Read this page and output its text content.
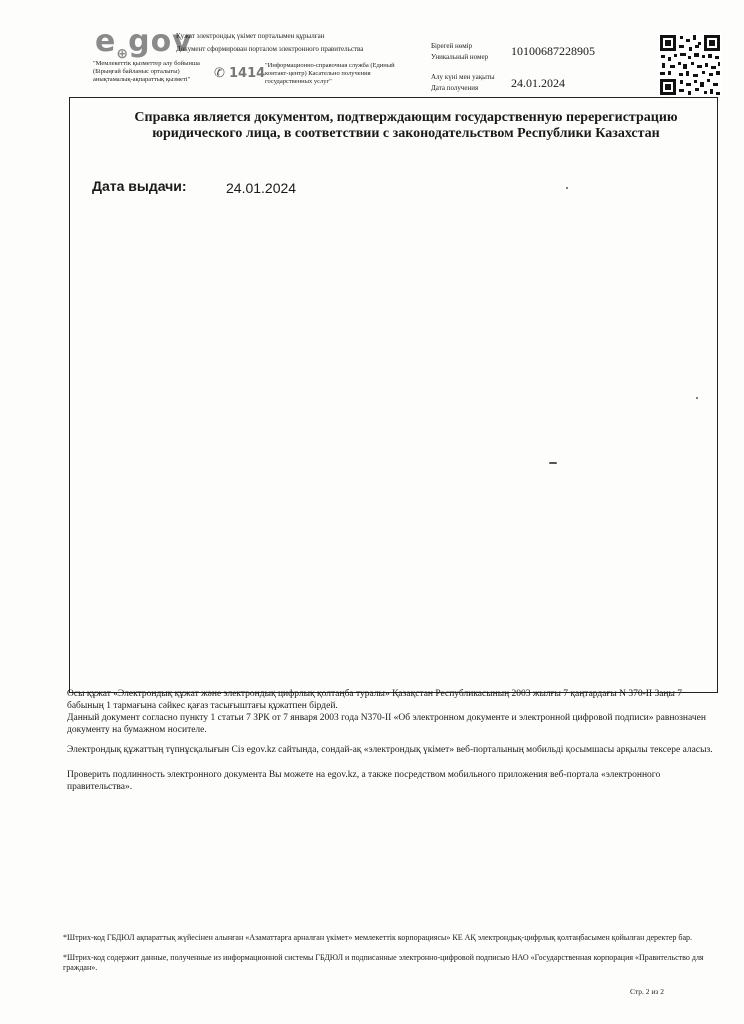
$e_\oplus gov$
Қужат электрондық үкімет порталымен құрылған
Документ сформирован порталом электронного правительства
"Мемлекеттік қызметтер алу бойынша (Бірыңғай байланыс орталығы) анықтамалық-ақпараттық қызметі"	✆ 1414
"Информационно-справочная служба (Единый контакт-центр) Касательно получения государственных услуг"
Бірегей нөмір
Уникальный номер 10100687228905
Алу күні мен уақыты
Дата получения	24.01.2024
Справка является документом, подтверждающим государственную перерегистрацию юридического лица, в соответствии с законодательством Республики Казахстан
Дата выдачи:	24.01.2024
Осы құжат «Электрондық құжат және электрондық цифрлық қолтаңба туралы» Қазақстан Республикасының 2003 жылғы 7 қаңтардағы N 370-II Заңы 7 бабының 1 тармағына сәйкес қағаз тасығыштағы құжатпен бірдей.
Данный документ согласно пункту 1 статьи 7 ЗРК от 7 января 2003 года N370-II «Об электронном документе и электронной цифровой подписи» равнозначен документу на бумажном носителе.
Электрондық құжаттың түпнұсқалығын Сіз egov.kz сайтында, сондай-ақ «электрондық үкімет» веб-порталының мобильді қосымшасы арқылы тексере аласыз.
Проверить подлинность электронного документа Вы можете на egov.kz, а также посредством мобильного приложения веб-портала «электронного правительства».
*Штрих-код ГБДЮЛ ақпараттық жүйесінен алынған «Азаматтарға арналған үкімет» мемлекеттік корпорациясы» КЕ АҚ электрондық-цифрлық қолтаңбасымен қойылған деректер бар.
*Штрих-код содержит данные, полученные из информационной системы ГБДЮЛ и подписанные электронно-цифровой подписью НАО «Государственная корпорация «Правительство для граждан».
Стр. 2 из 2
